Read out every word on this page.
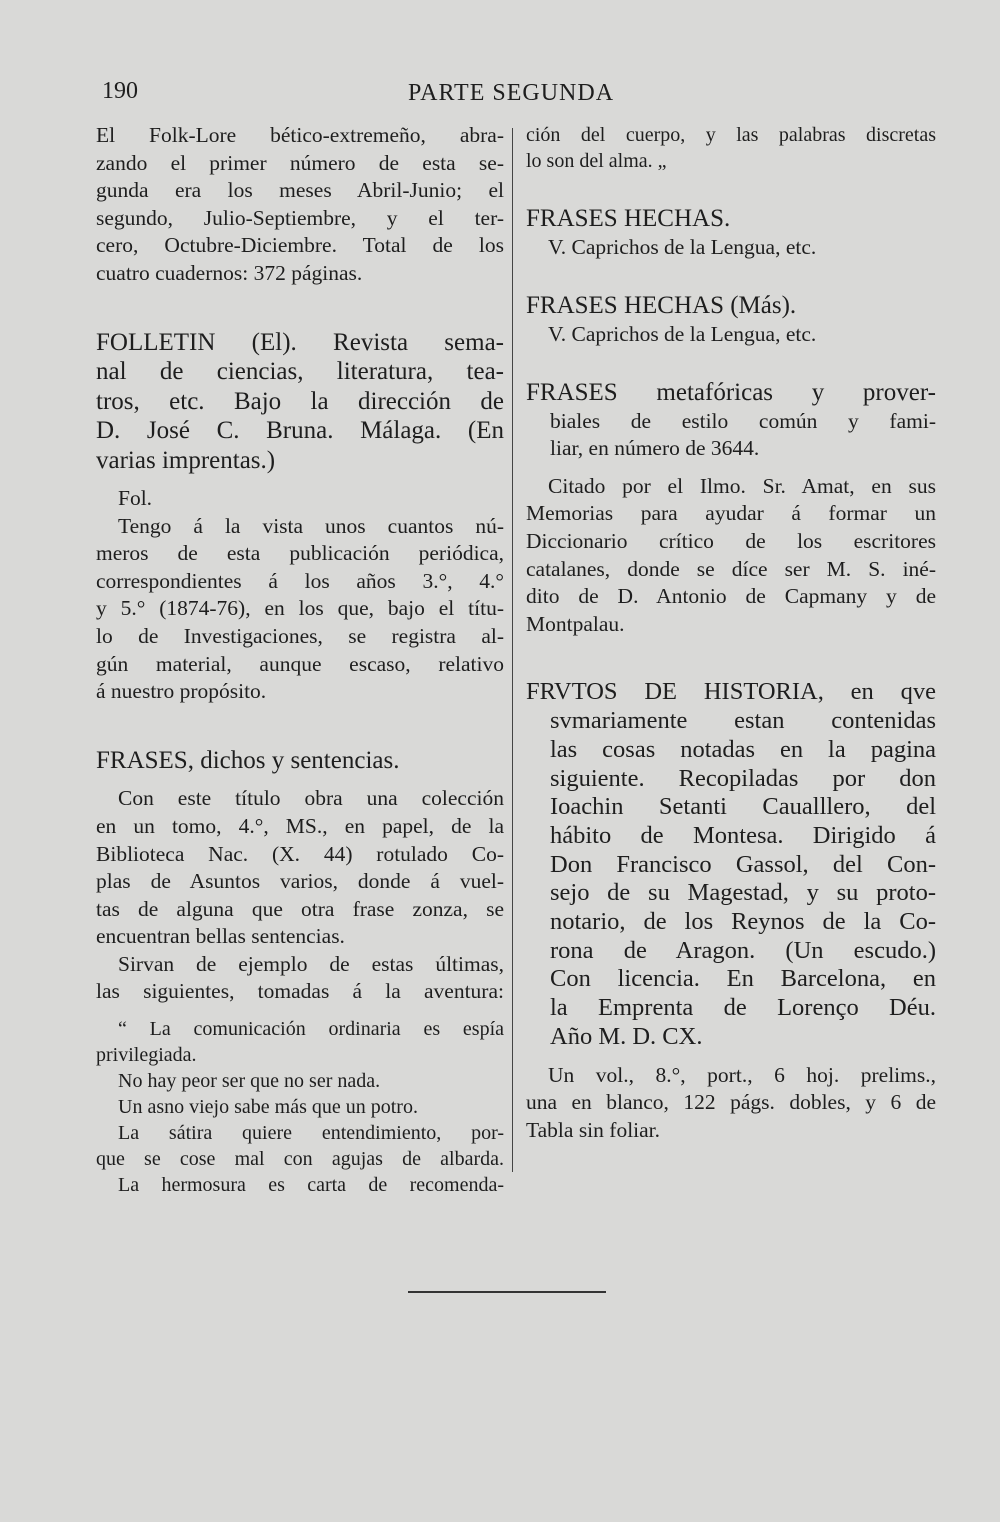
190	PARTE SEGUNDA
El Folk-Lore bético-extremeño, abra-
zando el primer número de esta se-
gunda era los meses Abril-Junio; el
segundo, Julio-Septiembre, y el ter-
cero, Octubre-Diciembre. Total de los
cuatro cuadernos: 372 páginas.
FOLLETIN (El). Revista sema-
nal de ciencias, literatura, tea-
tros, etc. Bajo la dirección de
D. José C. Bruna. Málaga. (En
varias imprentas.)
Fol.
Tengo á la vista unos cuantos nú-
meros de esta publicación periódica,
correspondientes á los años 3.°, 4.°
y 5.° (1874-76), en los que, bajo el títu-
lo de Investigaciones, se registra al-
gún material, aunque escaso, relativo
á nuestro propósito.
FRASES, dichos y sentencias.
Con este título obra una colección
en un tomo, 4.°, MS., en papel, de la
Biblioteca Nac. (X. 44) rotulado Co-
plas de Asuntos varios, donde á vuel-
tas de alguna que otra frase zonza, se
encuentran bellas sentencias.
Sirvan de ejemplo de estas últimas,
las siguientes, tomadas á la aventura:
“ La comunicación ordinaria es espía
privilegiada.
No hay peor ser que no ser nada.
Un asno viejo sabe más que un potro.
La sátira quiere entendimiento, por-
que se cose mal con agujas de albarda.
La hermosura es carta de recomenda-
ción del cuerpo, y las palabras discretas
lo son del alma. „
FRASES HECHAS.
V. Caprichos de la Lengua, etc.
FRASES HECHAS (Más).
V. Caprichos de la Lengua, etc.
FRASES metafóricas y prover-
biales de estilo común y fami-
liar, en número de 3644.
Citado por el Ilmo. Sr. Amat, en sus
Memorias para ayudar á formar un
Diccionario crítico de los escritores
catalanes, donde se díce ser M. S. iné-
dito de D. Antonio de Capmany y de
Montpalau.
FRVTOS DE HISTORIA, en qve
svmariamente estan contenidas
las cosas notadas en la pagina
siguiente. Recopiladas por don
Ioachin Setanti Caualllero, del
hábito de Montesa. Dirigido á
Don Francisco Gassol, del Con-
sejo de su Magestad, y su proto-
notario, de los Reynos de la Co-
rona de Aragon. (Un escudo.)
Con licencia. En Barcelona, en
la Emprenta de Lorenço Déu.
Año M. D. CX.
Un vol., 8.°, port., 6 hoj. prelims.,
una en blanco, 122 págs. dobles, y 6 de
Tabla sin foliar.
